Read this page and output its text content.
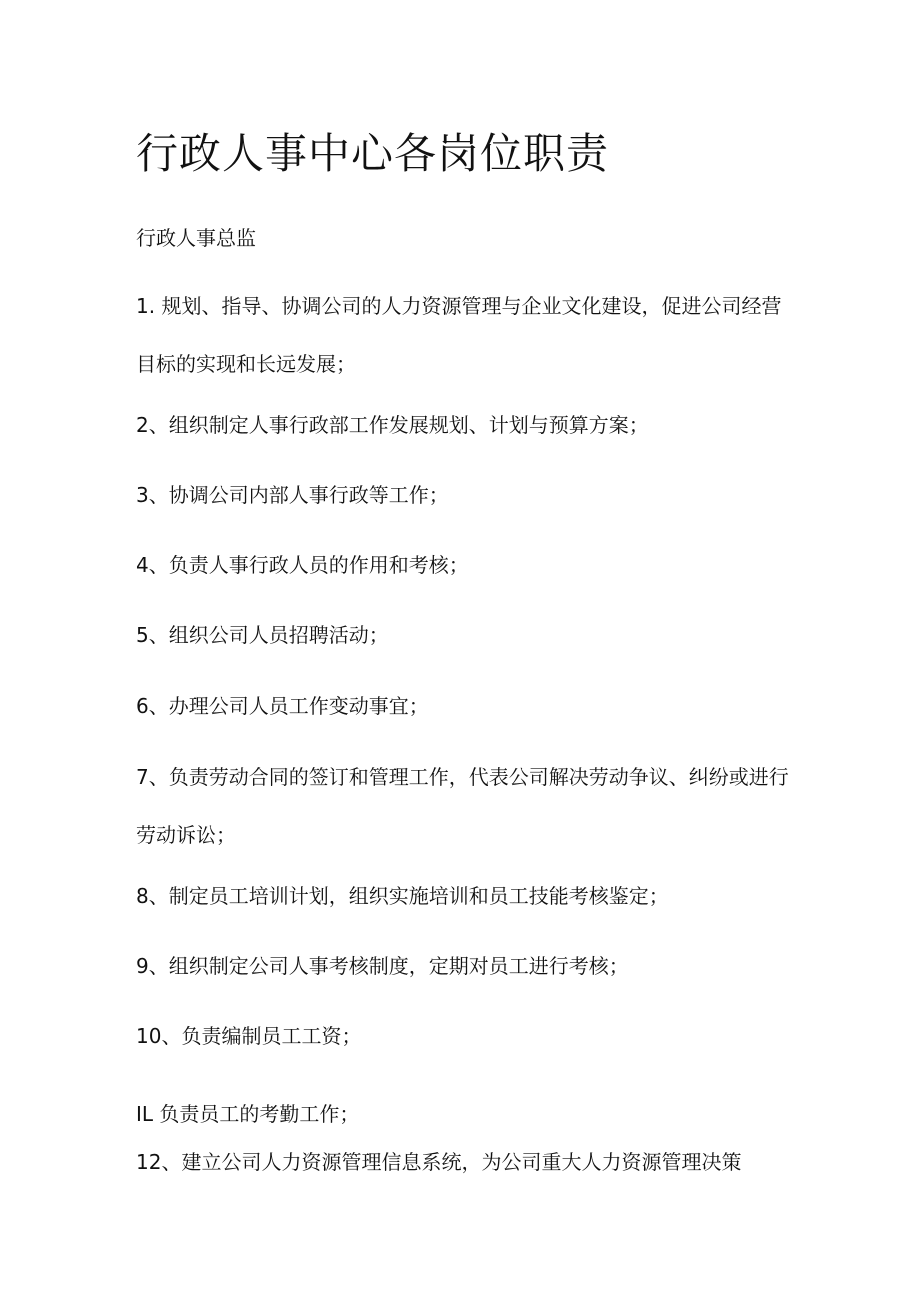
行政人事中心各岗位职责

行政人事总监

1. 规划、指导、协调公司的人力资源管理与企业文化建设，促进公司经营目标的实现和长远发展；

2、组织制定人事行政部工作发展规划、计划与预算方案；

3、协调公司内部人事行政等工作；

4、负责人事行政人员的作用和考核；

5、组织公司人员招聘活动；

6、办理公司人员工作变动事宜；

7、负责劳动合同的签订和管理工作，代表公司解决劳动争议、纠纷或进行劳动诉讼；

8、制定员工培训计划，组织实施培训和员工技能考核鉴定；

9、组织制定公司人事考核制度，定期对员工进行考核；

10、负责编制员工工资；

IL 负责员工的考勤工作；

12、建立公司人力资源管理信息系统，为公司重大人力资源管理决策
